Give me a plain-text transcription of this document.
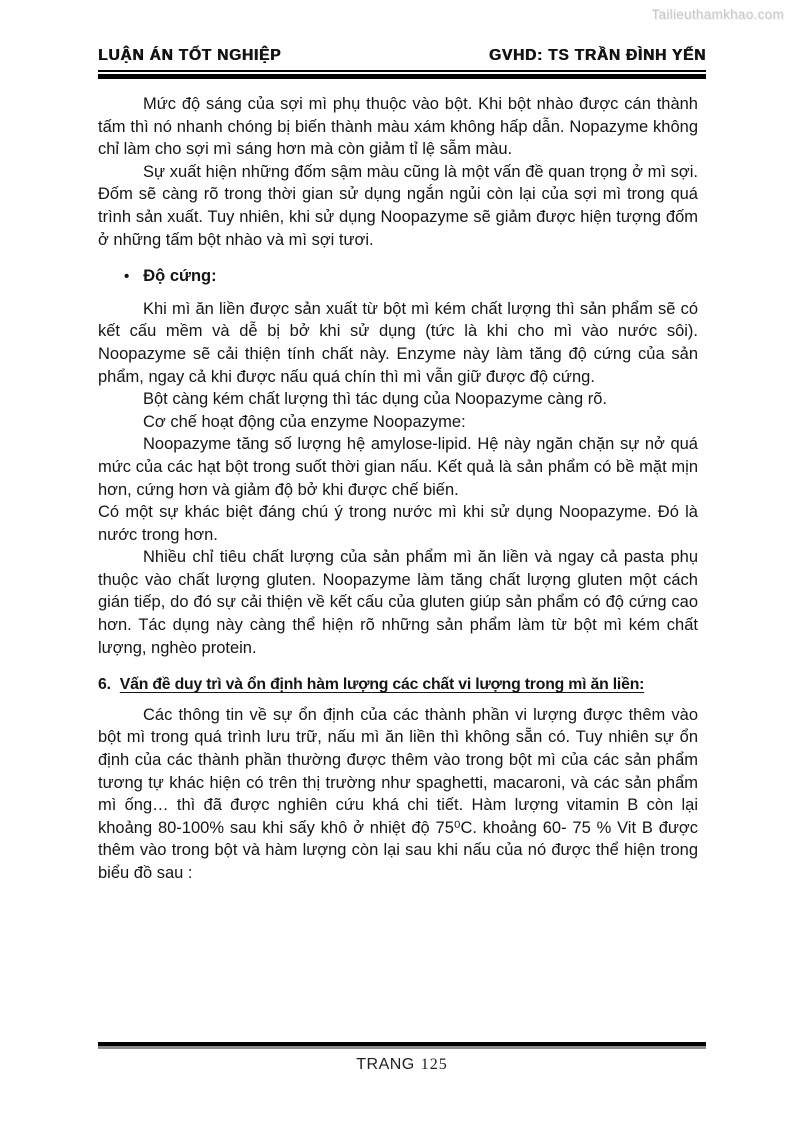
Tailieuthamkhao.com
LUẬN ÁN TỐT NGHIỆP	GVHD: TS TRẦN ĐÌNH YẾN

Mức độ sáng của sợi mì phụ thuộc vào bột. Khi bột nhào được cán thành tấm thì nó nhanh chóng bị biến thành màu xám không hấp dẫn. Nopazyme không chỉ làm cho sợi mì sáng hơn mà còn giảm tỉ lệ sẫm màu.

Sự xuất hiện những đốm sậm màu cũng là một vấn đề quan trọng ở mì sợi. Đốm sẽ càng rõ trong thời gian sử dụng ngắn ngủi còn lại của sợi mì trong quá trình sản xuất. Tuy nhiên, khi sử dụng Noopazyme sẽ giảm được hiện tượng đốm ở những tấm bột nhào và mì sợi tươi.

• Độ cứng:

Khi mì ăn liền được sản xuất từ bột mì kém chất lượng thì sản phẩm sẽ có kết cấu mềm và dễ bị bở khi sử dụng (tức là khi cho mì vào nước sôi). Noopazyme sẽ cải thiện tính chất này. Enzyme này làm tăng độ cứng của sản phẩm, ngay cả khi được nấu quá chín thì mì vẫn giữ được độ cứng.

Bột càng kém chất lượng thì tác dụng của Noopazyme càng rõ.

Cơ chế hoạt động của enzyme Noopazyme:

Noopazyme tăng số lượng hệ amylose-lipid. Hệ này ngăn chặn sự nở quá mức của các hạt bột trong suốt thời gian nấu. Kết quả là sản phẩm có bề mặt mịn hơn, cứng hơn và giảm độ bở khi được chế biến.

Có một sự khác biệt đáng chú ý trong nước mì khi sử dụng Noopazyme. Đó là nước trong hơn.

Nhiều chỉ tiêu chất lượng của sản phẩm mì ăn liền và ngay cả pasta phụ thuộc vào chất lượng gluten. Noopazyme làm tăng chất lượng gluten một cách gián tiếp, do đó sự cải thiện về kết cấu của gluten giúp sản phẩm có độ cứng cao hơn. Tác dụng này càng thể hiện rõ những sản phẩm làm từ bột mì kém chất lượng, nghèo protein.

6. Vấn đề duy trì và ổn định hàm lượng các chất vi lượng trong mì ăn liền:

Các thông tin về sự ổn định của các thành phần vi lượng được thêm vào bột mì trong quá trình lưu trữ, nấu mì ăn liền thì không sẵn có. Tuy nhiên sự ổn định của các thành phần thường được thêm vào trong bột mì của các sản phẩm tương tự khác hiện có trên thị trường như spaghetti, macaroni, và các sản phẩm mì ống… thì đã được nghiên cứu khá chi tiết. Hàm lượng vitamin B còn lại khoảng 80-100% sau khi sấy khô ở nhiệt độ 75⁰C. khoảng 60- 75 % Vit B được thêm vào trong bột và hàm lượng còn lại sau khi nấu của nó được thể hiện trong biểu đồ sau :

TRANG 125
